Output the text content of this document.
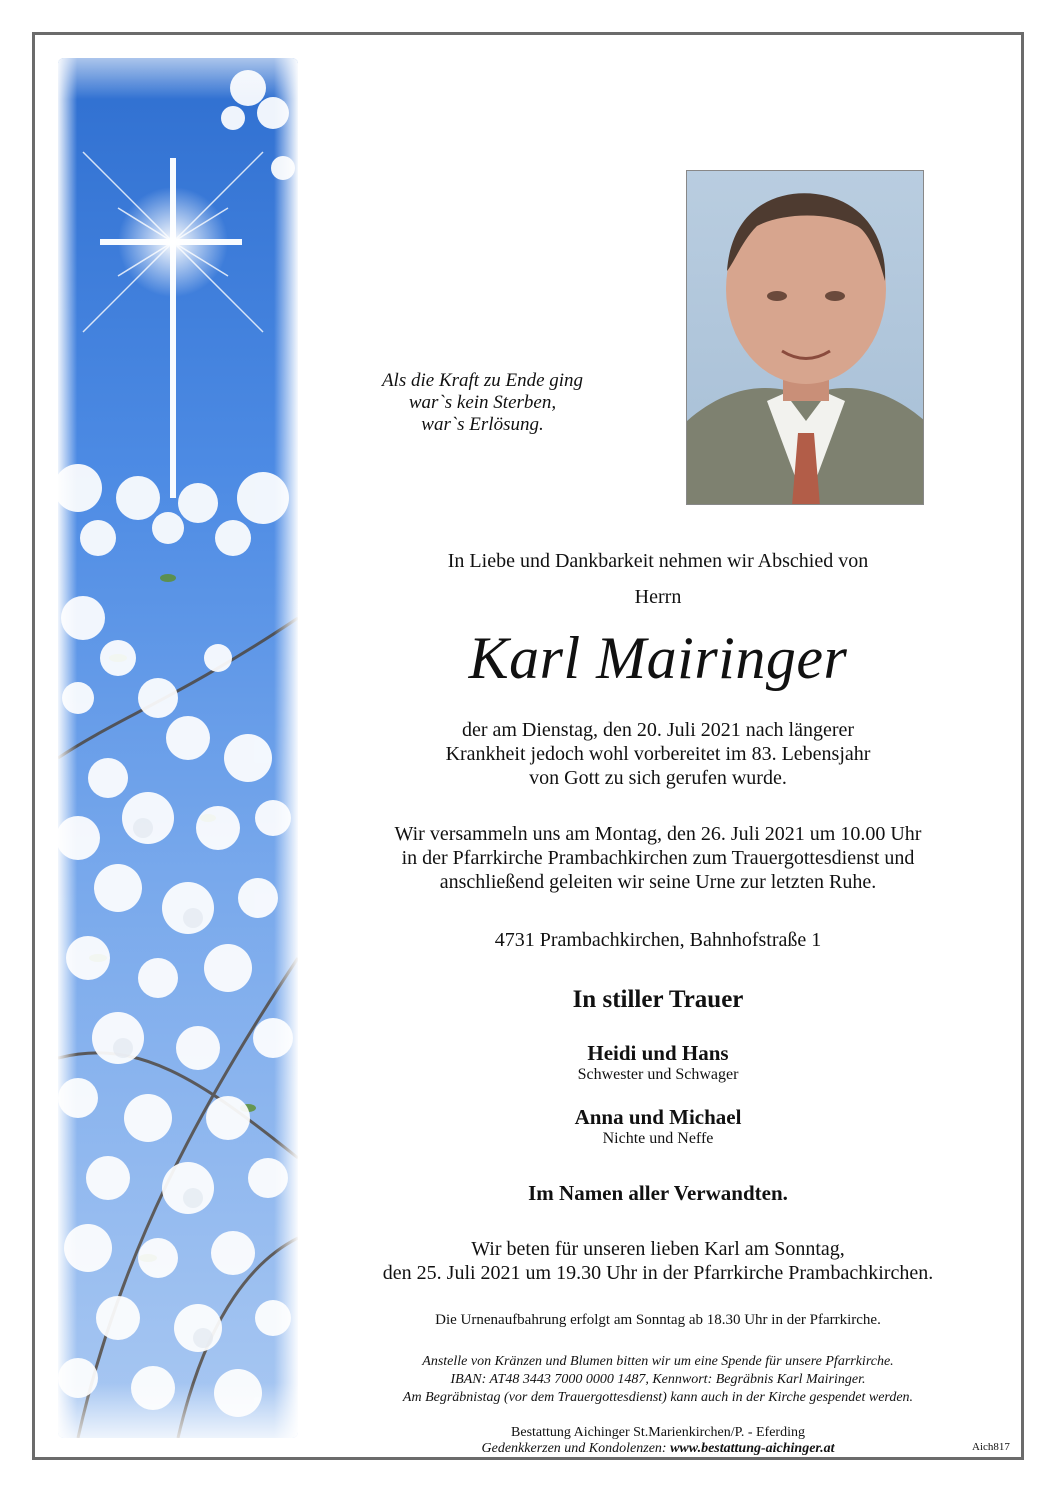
Als die Kraft zu Ende ging
war`s kein Sterben,
war`s Erlösung.
In Liebe und Dankbarkeit nehmen wir Abschied von
Herrn
Karl Mairinger
der am Dienstag, den 20. Juli 2021 nach längerer
Krankheit jedoch wohl vorbereitet im 83. Lebensjahr
von Gott zu sich gerufen wurde.
Wir versammeln uns am Montag, den 26. Juli 2021 um 10.00 Uhr
in der Pfarrkirche Prambachkirchen zum Trauergottesdienst und
anschließend geleiten wir seine Urne zur letzten Ruhe.
4731 Prambachkirchen, Bahnhofstraße 1
In stiller Trauer
Heidi und Hans
Schwester und Schwager
Anna und Michael
Nichte und Neffe
Im Namen aller Verwandten.
Wir beten für unseren lieben Karl am Sonntag,
den 25. Juli 2021 um 19.30 Uhr in der Pfarrkirche Prambachkirchen.
Die Urnenaufbahrung erfolgt am Sonntag ab 18.30 Uhr in der Pfarrkirche.
Anstelle von Kränzen und Blumen bitten wir um eine Spende für unsere Pfarrkirche.
IBAN: AT48 3443 7000 0000 1487, Kennwort: Begräbnis Karl Mairinger.
Am Begräbnistag (vor dem Trauergottesdienst) kann auch in der Kirche gespendet werden.
Bestattung Aichinger St.Marienkirchen/P. - Eferding
Gedenkkerzen und Kondolenzen: www.bestattung-aichinger.at	Aich817
